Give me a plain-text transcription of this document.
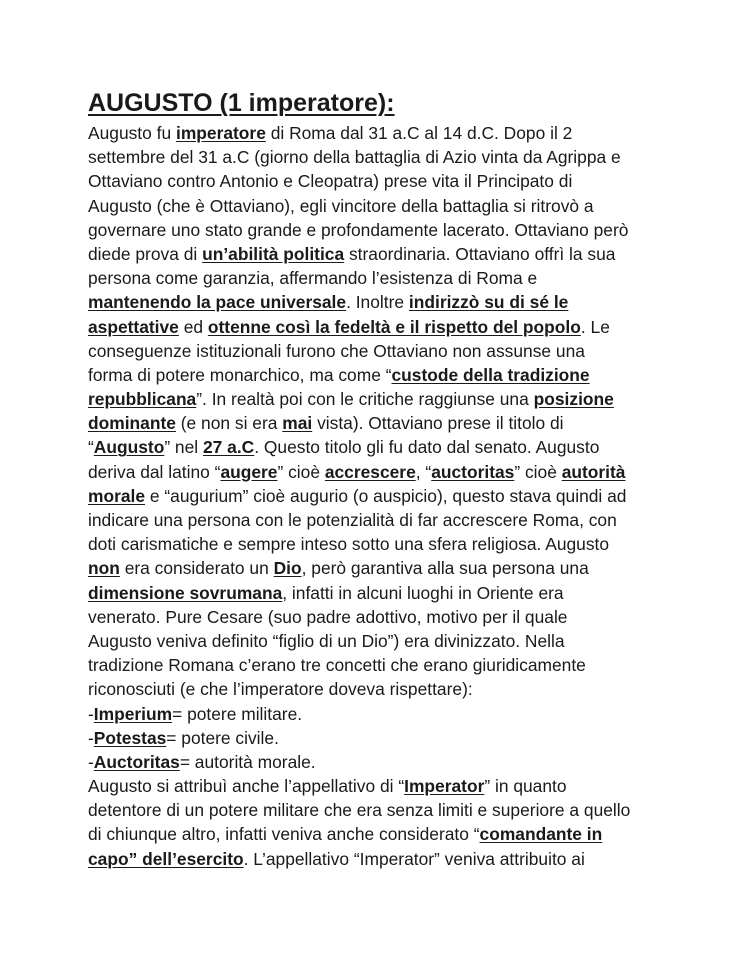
AUGUSTO (1 imperatore):
Augusto fu imperatore di Roma dal 31 a.C al 14 d.C. Dopo il 2
settembre del 31 a.C (giorno della battaglia di Azio vinta da Agrippa e
Ottaviano contro Antonio e Cleopatra) prese vita il Principato di
Augusto (che è Ottaviano), egli vincitore della battaglia si ritrovò a
governare uno stato grande e profondamente lacerato. Ottaviano però
diede prova di un’abilità politica straordinaria. Ottaviano offrì la sua
persona come garanzia, affermando l’esistenza di Roma e
mantenendo la pace universale. Inoltre indirizzò su di sé le
aspettative ed ottenne così la fedeltà e il rispetto del popolo. Le
conseguenze istituzionali furono che Ottaviano non assunse una
forma di potere monarchico, ma come “custode della tradizione
repubblicana”. In realtà poi con le critiche raggiunse una posizione
dominante (e non si era mai vista). Ottaviano prese il titolo di
“Augusto” nel 27 a.C. Questo titolo gli fu dato dal senato. Augusto
deriva dal latino “augere” cioè accrescere, “auctoritas” cioè autorità
morale e “augurium” cioè augurio (o auspicio), questo stava quindi ad
indicare una persona con le potenzialità di far accrescere Roma, con
doti carismatiche e sempre inteso sotto una sfera religiosa. Augusto
non era considerato un Dio, però garantiva alla sua persona una
dimensione sovrumana, infatti in alcuni luoghi in Oriente era
venerato. Pure Cesare (suo padre adottivo, motivo per il quale
Augusto veniva definito “figlio di un Dio”) era divinizzato. Nella
tradizione Romana c’erano tre concetti che erano giuridicamente
riconosciuti (e che l’imperatore doveva rispettare):
-Imperium= potere militare.
-Potestas= potere civile.
-Auctoritas= autorità morale.
Augusto si attribuì anche l’appellativo di “Imperator” in quanto
detentore di un potere militare che era senza limiti e superiore a quello
di chiunque altro, infatti veniva anche considerato “comandante in
capo” dell’esercito. L’appellativo “Imperator” veniva attribuito ai
